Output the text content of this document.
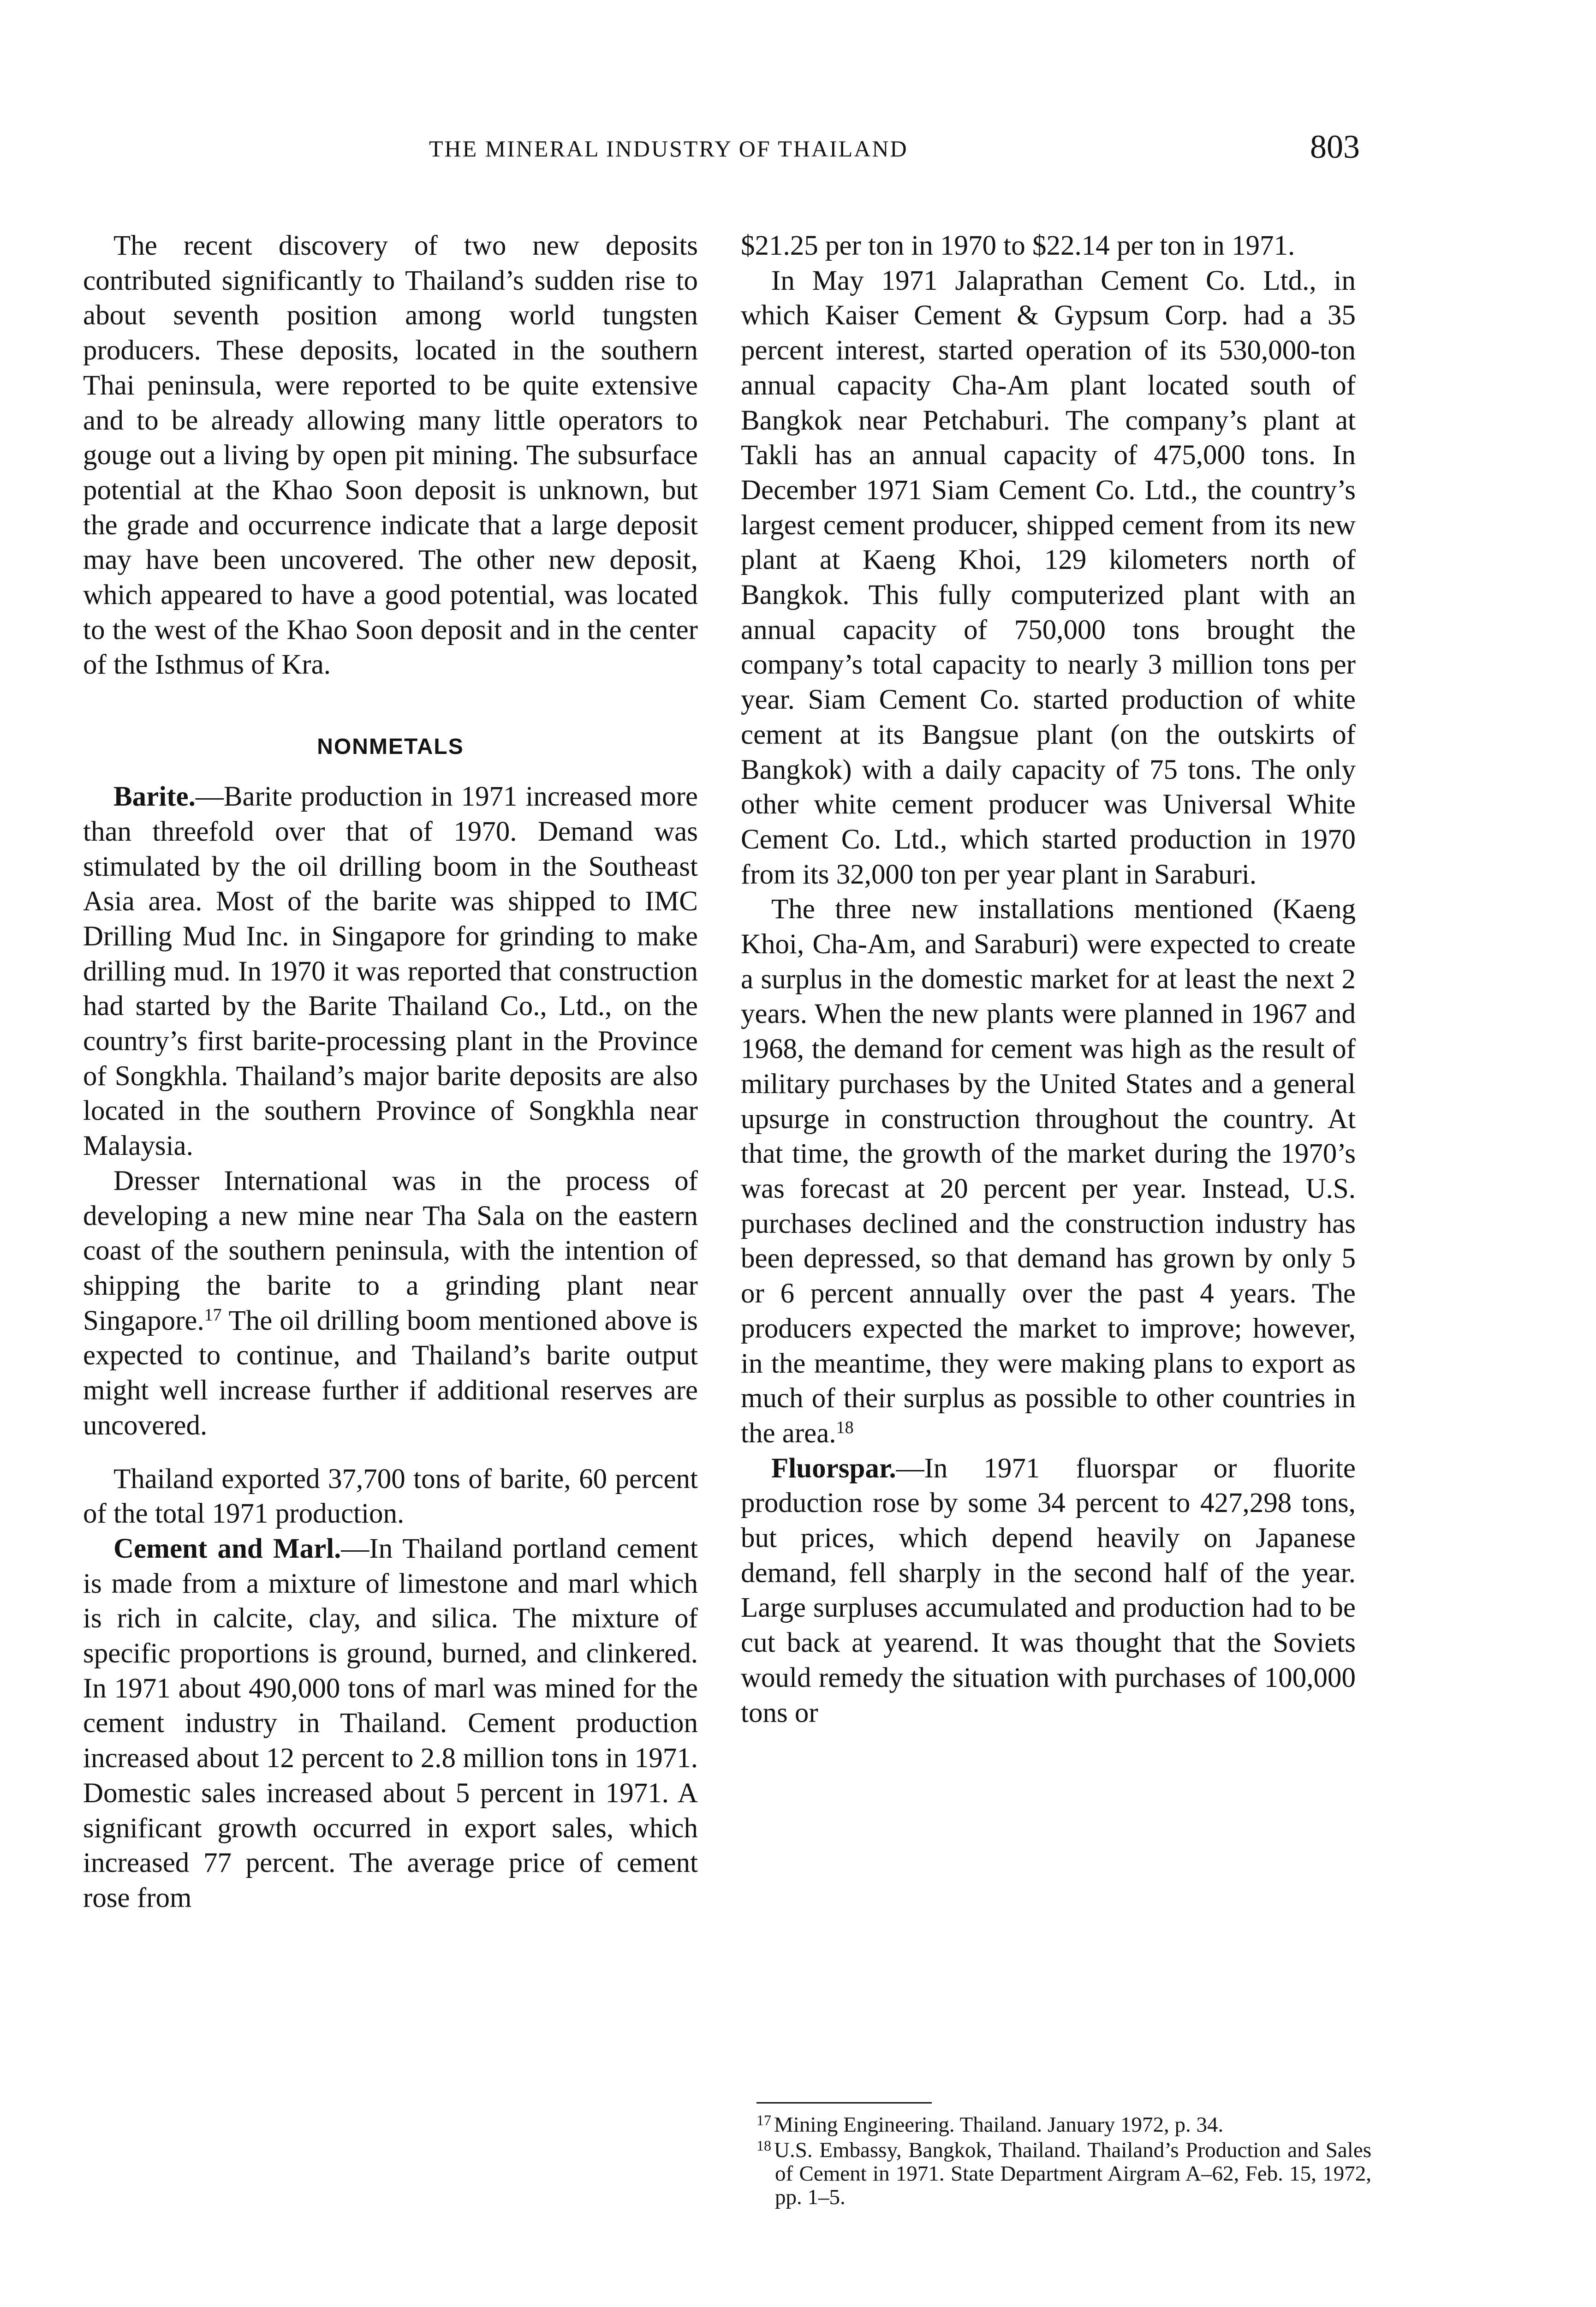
THE MINERAL INDUSTRY OF THAILAND	803

The recent discovery of two new deposits contributed significantly to Thailand’s sudden rise to about seventh position among world tungsten producers. These deposits, located in the southern Thai peninsula, were reported to be quite extensive and to be already allowing many little operators to gouge out a living by open pit mining. The subsurface potential at the Khao Soon deposit is unknown, but the grade and occurrence indicate that a large deposit may have been uncovered. The other new deposit, which appeared to have a good potential, was located to the west of the Khao Soon deposit and in the center of the Isthmus of Kra.

NONMETALS

Barite.—Barite production in 1971 increased more than threefold over that of 1970. Demand was stimulated by the oil drilling boom in the Southeast Asia area. Most of the barite was shipped to IMC Drilling Mud Inc. in Singapore for grinding to make drilling mud. In 1970 it was reported that construction had started by the Barite Thailand Co., Ltd., on the country’s first barite-processing plant in the Province of Songkhla. Thailand’s major barite deposits are also located in the southern Province of Songkhla near Malaysia.

Dresser International was in the process of developing a new mine near Tha Sala on the eastern coast of the southern peninsula, with the intention of shipping the barite to a grinding plant near Singapore.$^{17}$ The oil drilling boom mentioned above is expected to continue, and Thailand’s barite output might well increase further if additional reserves are uncovered.

Thailand exported 37,700 tons of barite, 60 percent of the total 1971 production.

Cement and Marl.—In Thailand portland cement is made from a mixture of limestone and marl which is rich in calcite, clay, and silica. The mixture of specific proportions is ground, burned, and clinkered. In 1971 about 490,000 tons of marl was mined for the cement industry in Thailand. Cement production increased about 12 percent to 2.8 million tons in 1971. Domestic sales increased about 5 percent in 1971. A significant growth occurred in export sales, which increased 77 percent. The average price of cement rose from

$21.25 per ton in 1970 to $22.14 per ton in 1971.

In May 1971 Jalaprathan Cement Co. Ltd., in which Kaiser Cement & Gypsum Corp. had a 35 percent interest, started operation of its 530,000-ton annual capacity Cha-Am plant located south of Bangkok near Petchaburi. The company’s plant at Takli has an annual capacity of 475,000 tons. In December 1971 Siam Cement Co. Ltd., the country’s largest cement producer, shipped cement from its new plant at Kaeng Khoi, 129 kilometers north of Bangkok. This fully computerized plant with an annual capacity of 750,000 tons brought the company’s total capacity to nearly 3 million tons per year. Siam Cement Co. started production of white cement at its Bangsue plant (on the outskirts of Bangkok) with a daily capacity of 75 tons. The only other white cement producer was Universal White Cement Co. Ltd., which started production in 1970 from its 32,000 ton per year plant in Saraburi.

The three new installations mentioned (Kaeng Khoi, Cha-Am, and Saraburi) were expected to create a surplus in the domestic market for at least the next 2 years. When the new plants were planned in 1967 and 1968, the demand for cement was high as the result of military purchases by the United States and a general upsurge in construction throughout the country. At that time, the growth of the market during the 1970’s was forecast at 20 percent per year. Instead, U.S. purchases declined and the construction industry has been depressed, so that demand has grown by only 5 or 6 percent annually over the past 4 years. The producers expected the market to improve; however, in the meantime, they were making plans to export as much of their surplus as possible to other countries in the area.$^{18}$

Fluorspar.—In 1971 fluorspar or fluorite production rose by some 34 percent to 427,298 tons, but prices, which depend heavily on Japanese demand, fell sharply in the second half of the year. Large surpluses accumulated and production had to be cut back at yearend. It was thought that the Soviets would remedy the situation with purchases of 100,000 tons or

$^{17}$ Mining Engineering. Thailand. January 1972, p. 34.

$^{18}$ U.S. Embassy, Bangkok, Thailand. Thailand’s Production and Sales of Cement in 1971. State Department Airgram A–62, Feb. 15, 1972, pp. 1–5.
